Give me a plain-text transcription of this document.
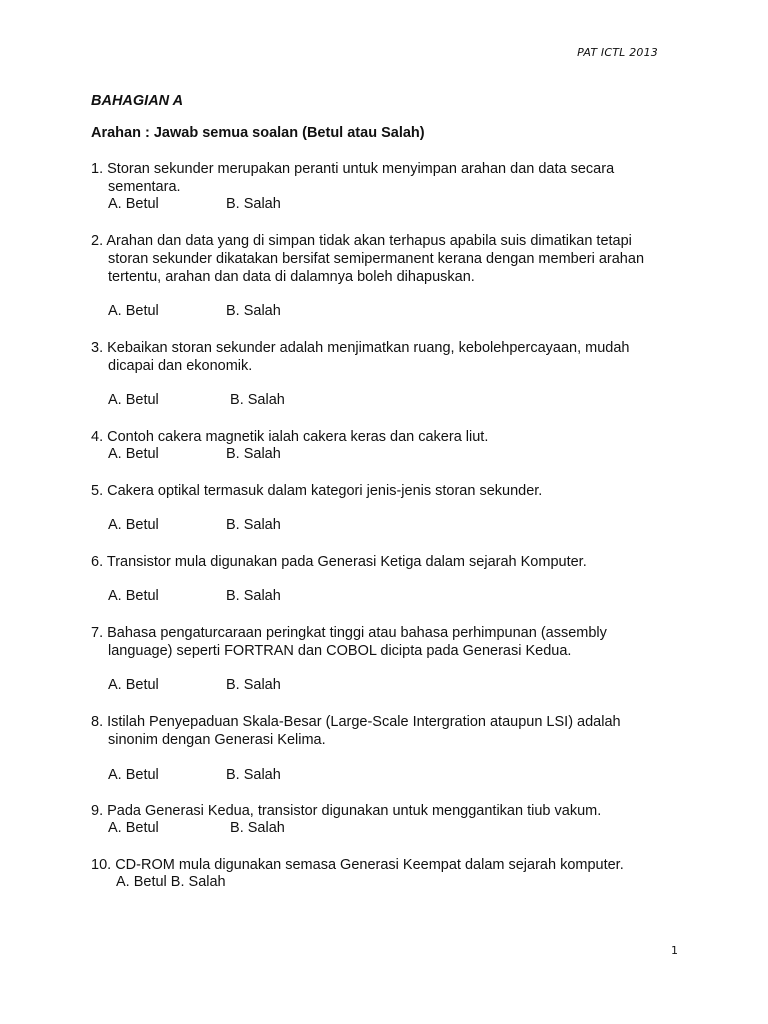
PAT ICTL 2013
BAHAGIAN A
Arahan : Jawab semua soalan (Betul atau Salah)
1. Storan sekunder merupakan peranti untuk menyimpan arahan dan data secara
sementara.
A. Betul	B. Salah
2. Arahan dan data yang di simpan tidak akan terhapus apabila suis dimatikan tetapi
storan sekunder dikatakan bersifat semipermanent kerana dengan memberi arahan
tertentu, arahan dan data di dalamnya boleh dihapuskan.
A. Betul	B. Salah
3. Kebaikan storan sekunder adalah menjimatkan ruang, kebolehpercayaan, mudah
dicapai dan ekonomik.
A. Betul	B. Salah
4. Contoh cakera magnetik ialah cakera keras dan cakera liut.
A. Betul	B. Salah
5. Cakera optikal termasuk dalam kategori jenis-jenis storan sekunder.
A. Betul	B. Salah
6. Transistor mula digunakan pada Generasi Ketiga dalam sejarah Komputer.
A. Betul	B. Salah
7. Bahasa pengaturcaraan peringkat tinggi atau bahasa perhimpunan (assembly
language) seperti FORTRAN dan COBOL dicipta pada Generasi Kedua.
A. Betul	B. Salah
8. Istilah Penyepaduan Skala-Besar (Large-Scale Intergration ataupun LSI) adalah
sinonim dengan Generasi Kelima.
A. Betul	B. Salah
9. Pada Generasi Kedua, transistor digunakan untuk menggantikan tiub vakum.
A. Betul	B. Salah
10. CD-ROM mula digunakan semasa Generasi Keempat dalam sejarah komputer.
A. Betul B. Salah
1
